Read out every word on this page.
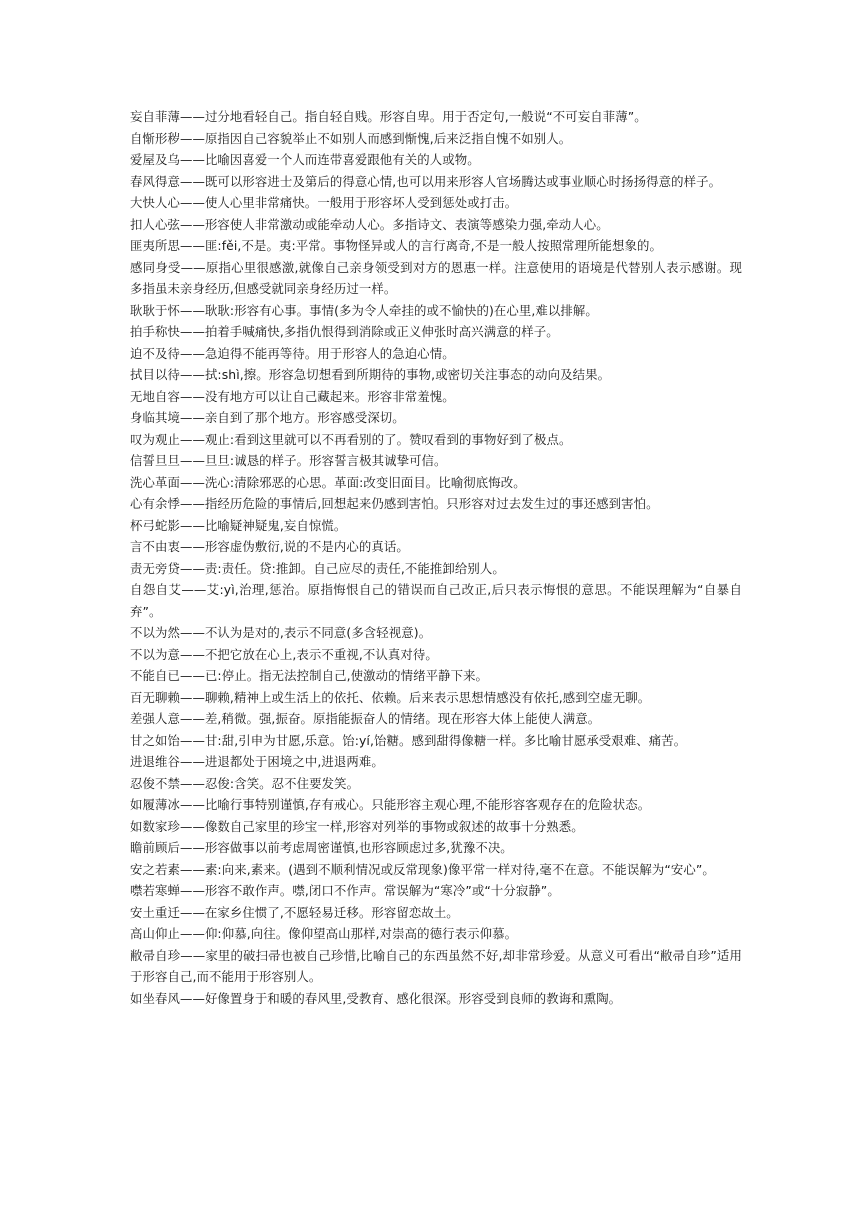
妄自菲薄——过分地看轻自己。指自轻自贱。形容自卑。用于否定句,一般说“不可妄自菲薄”。

自惭形秽——原指因自己容貌举止不如别人而感到惭愧,后来泛指自愧不如别人。

爱屋及乌——比喻因喜爱一个人而连带喜爱跟他有关的人或物。

春风得意——既可以形容进士及第后的得意心情,也可以用来形容人官场腾达或事业顺心时扬扬得意的样子。

大快人心——使人心里非常痛快。一般用于形容坏人受到惩处或打击。

扣人心弦——形容使人非常激动或能牵动人心。多指诗文、表演等感染力强,牵动人心。

匪夷所思——匪:fěi,不是。夷:平常。事物怪异或人的言行离奇,不是一般人按照常理所能想象的。

感同身受——原指心里很感激,就像自己亲身领受到对方的恩惠一样。注意使用的语境是代替别人表示感谢。现多指虽未亲身经历,但感受就同亲身经历过一样。

耿耿于怀——耿耿:形容有心事。事情(多为令人牵挂的或不愉快的)在心里,难以排解。

拍手称快——拍着手喊痛快,多指仇恨得到消除或正义伸张时高兴满意的样子。

迫不及待——急迫得不能再等待。用于形容人的急迫心情。

拭目以待——拭:shì,擦。形容急切想看到所期待的事物,或密切关注事态的动向及结果。

无地自容——没有地方可以让自己藏起来。形容非常羞愧。

身临其境——亲自到了那个地方。形容感受深切。

叹为观止——观止:看到这里就可以不再看别的了。赞叹看到的事物好到了极点。

信誓旦旦——旦旦:诚恳的样子。形容誓言极其诚挚可信。

洗心革面——洗心:清除邪恶的心思。革面:改变旧面目。比喻彻底悔改。

心有余悸——指经历危险的事情后,回想起来仍感到害怕。只形容对过去发生过的事还感到害怕。

杯弓蛇影——比喻疑神疑鬼,妄自惊慌。

言不由衷——形容虚伪敷衍,说的不是内心的真话。

责无旁贷——责:责任。贷:推卸。自己应尽的责任,不能推卸给别人。

自怨自艾——艾:yì,治理,惩治。原指悔恨自己的错误而自己改正,后只表示悔恨的意思。不能误理解为“自暴自弃”。

不以为然——不认为是对的,表示不同意(多含轻视意)。

不以为意——不把它放在心上,表示不重视,不认真对待。

不能自已——已:停止。指无法控制自己,使激动的情绪平静下来。

百无聊赖——聊赖,精神上或生活上的依托、依赖。后来表示思想情感没有依托,感到空虚无聊。

差强人意——差,稍微。强,振奋。原指能振奋人的情绪。现在形容大体上能使人满意。

甘之如饴——甘:甜,引申为甘愿,乐意。饴:yí,饴糖。感到甜得像糖一样。多比喻甘愿承受艰难、痛苦。

进退维谷——进退都处于困境之中,进退两难。

忍俊不禁——忍俊:含笑。忍不住要发笑。

如履薄冰——比喻行事特别谨慎,存有戒心。只能形容主观心理,不能形容客观存在的危险状态。

如数家珍——像数自己家里的珍宝一样,形容对列举的事物或叙述的故事十分熟悉。

瞻前顾后——形容做事以前考虑周密谨慎,也形容顾虑过多,犹豫不决。

安之若素——素:向来,素来。(遇到不顺利情况或反常现象)像平常一样对待,毫不在意。不能误解为“安心”。

噤若寒蝉——形容不敢作声。噤,闭口不作声。常误解为“寒冷”或“十分寂静”。

安土重迁——在家乡住惯了,不愿轻易迁移。形容留恋故土。

高山仰止——仰:仰慕,向往。像仰望高山那样,对崇高的德行表示仰慕。

敝帚自珍——家里的破扫帚也被自己珍惜,比喻自己的东西虽然不好,却非常珍爱。从意义可看出“敝帚自珍”适用于形容自己,而不能用于形容别人。

如坐春风——好像置身于和暖的春风里,受教育、感化很深。形容受到良师的教诲和熏陶。
